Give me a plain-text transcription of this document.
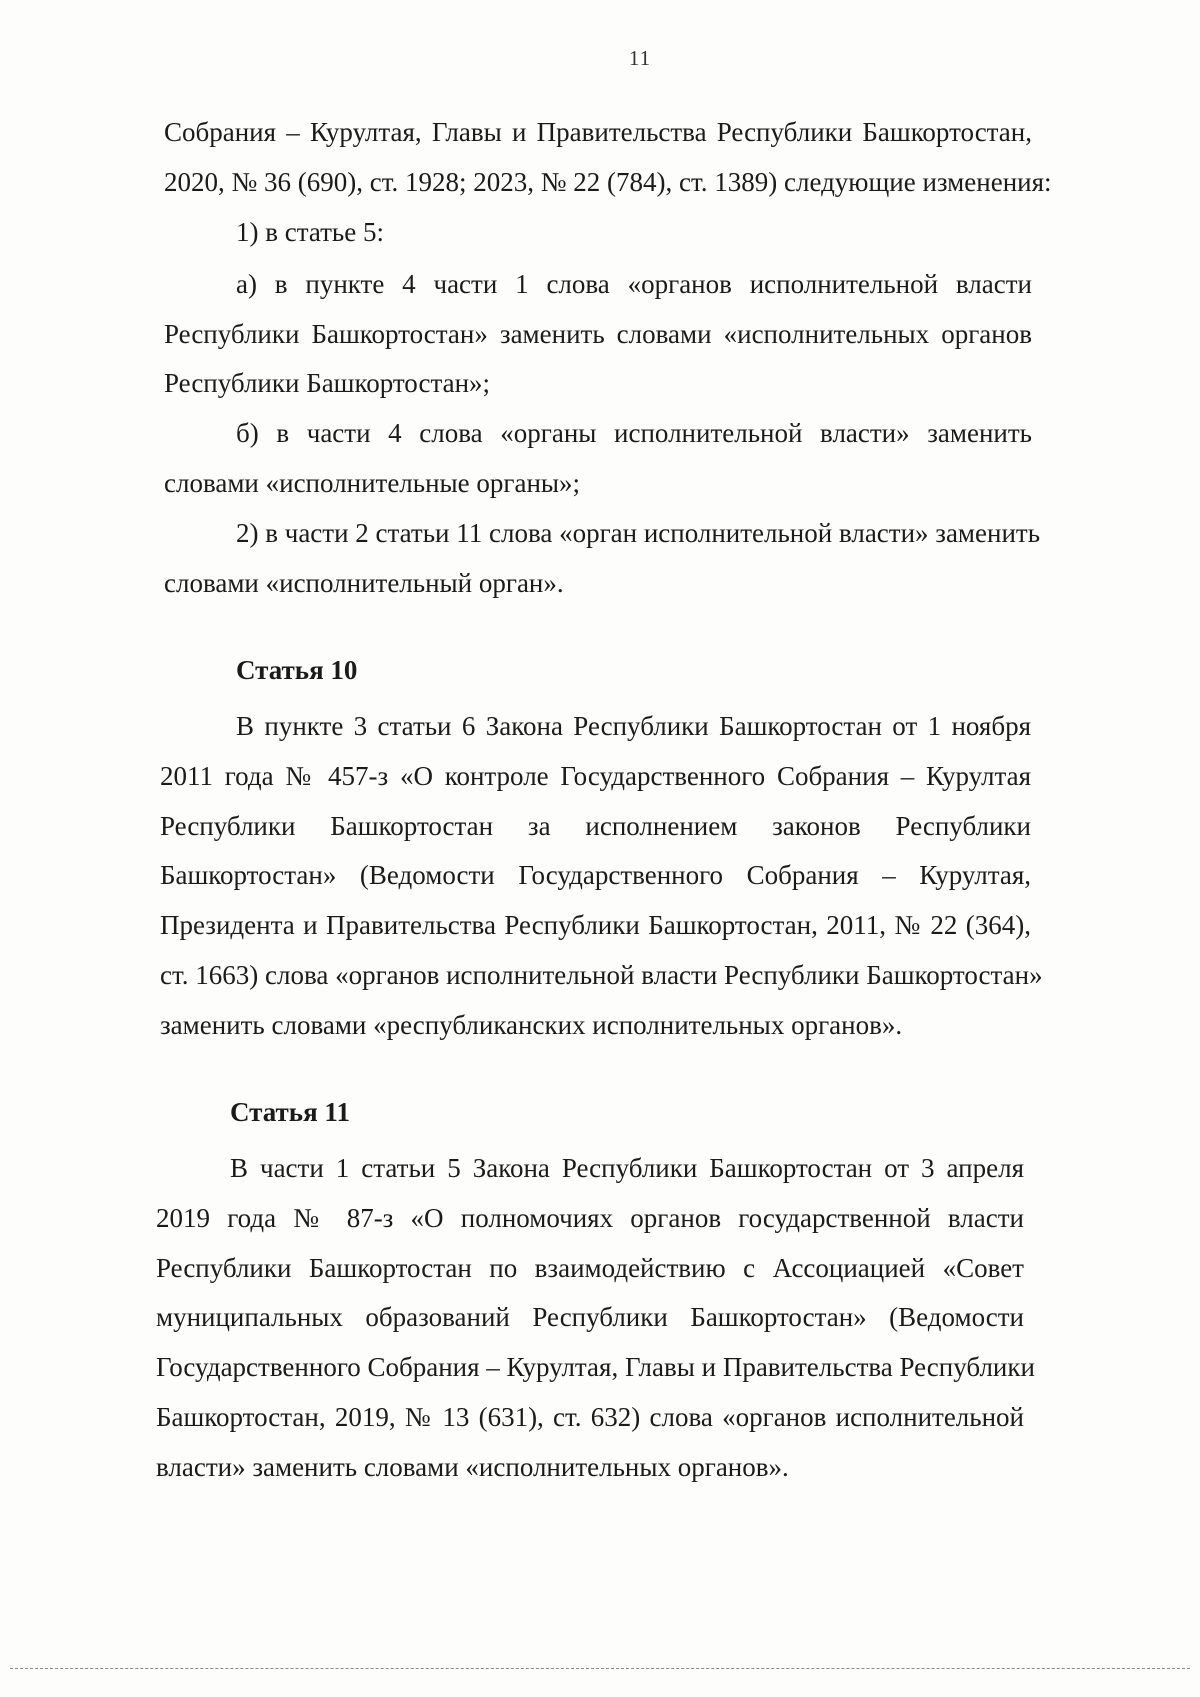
11
Собрания – Курултая, Главы и Правительства Республики Башкортостан,
2020, № 36 (690), ст. 1928; 2023, № 22 (784), ст. 1389) следующие изменения:
1) в статье 5:
а) в пункте 4 части 1 слова «органов исполнительной власти
Республики Башкортостан» заменить словами «исполнительных органов
Республики Башкортостан»;
б) в части 4 слова «органы исполнительной власти» заменить
словами «исполнительные органы»;
2) в части 2 статьи 11 слова «орган исполнительной власти» заменить
словами «исполнительный орган».
Статья 10
В пункте 3 статьи 6 Закона Республики Башкортостан от 1 ноября
2011 года № 457-з «О контроле Государственного Собрания – Курултая
Республики Башкортостан за исполнением законов Республики
Башкортостан» (Ведомости Государственного Собрания – Курултая,
Президента и Правительства Республики Башкортостан, 2011, № 22 (364),
ст. 1663) слова «органов исполнительной власти Республики Башкортостан»
заменить словами «республиканских исполнительных органов».
Статья 11
В части 1 статьи 5 Закона Республики Башкортостан от 3 апреля
2019 года № 87-з «О полномочиях органов государственной власти
Республики Башкортостан по взаимодействию с Ассоциацией «Совет
муниципальных образований Республики Башкортостан» (Ведомости
Государственного Собрания – Курултая, Главы и Правительства Республики
Башкортостан, 2019, № 13 (631), ст. 632) слова «органов исполнительной
власти» заменить словами «исполнительных органов».
